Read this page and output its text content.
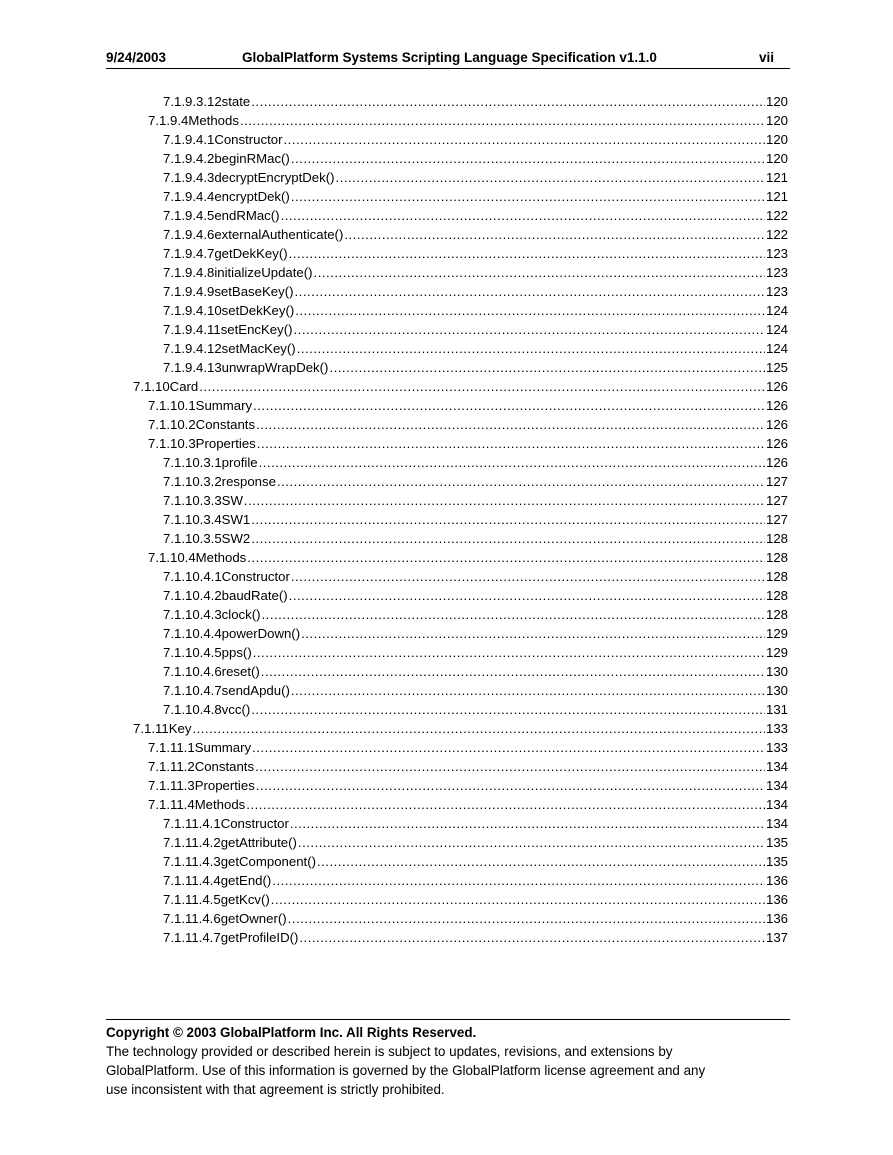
9/24/2003	GlobalPlatform Systems Scripting Language Specification v1.1.0	vii
7.1.9.3.12 state .....	120
7.1.9.4 Methods .....	120
7.1.9.4.1 Constructor .....	120
7.1.9.4.2 beginRMac() .....	120
7.1.9.4.3 decryptEncryptDek() .....	121
7.1.9.4.4 encryptDek() .....	121
7.1.9.4.5 endRMac() .....	122
7.1.9.4.6 externalAuthenticate() .....	122
7.1.9.4.7 getDekKey() .....	123
7.1.9.4.8 initializeUpdate() .....	123
7.1.9.4.9 setBaseKey() .....	123
7.1.9.4.10 setDekKey() .....	124
7.1.9.4.11 setEncKey() .....	124
7.1.9.4.12 setMacKey() .....	124
7.1.9.4.13 unwrapWrapDek() .....	125
7.1.10 Card .....	126
7.1.10.1 Summary .....	126
7.1.10.2 Constants .....	126
7.1.10.3 Properties .....	126
7.1.10.3.1 profile .....	126
7.1.10.3.2 response .....	127
7.1.10.3.3 SW .....	127
7.1.10.3.4 SW1 .....	127
7.1.10.3.5 SW2 .....	128
7.1.10.4 Methods .....	128
7.1.10.4.1 Constructor .....	128
7.1.10.4.2 baudRate() .....	128
7.1.10.4.3 clock() .....	128
7.1.10.4.4 powerDown() .....	129
7.1.10.4.5 pps() .....	129
7.1.10.4.6 reset() .....	130
7.1.10.4.7 sendApdu() .....	130
7.1.10.4.8 vcc() .....	131
7.1.11 Key .....	133
7.1.11.1 Summary .....	133
7.1.11.2 Constants .....	134
7.1.11.3 Properties .....	134
7.1.11.4 Methods .....	134
7.1.11.4.1 Constructor .....	134
7.1.11.4.2 getAttribute() .....	135
7.1.11.4.3 getComponent() .....	135
7.1.11.4.4 getEnd() .....	136
7.1.11.4.5 getKcv() .....	136
7.1.11.4.6 getOwner() .....	136
7.1.11.4.7 getProfileID() .....	137
Copyright © 2003 GlobalPlatform Inc. All Rights Reserved.
The technology provided or described herein is subject to updates, revisions, and extensions by
GlobalPlatform. Use of this information is governed by the GlobalPlatform license agreement and any
use inconsistent with that agreement is strictly prohibited.
